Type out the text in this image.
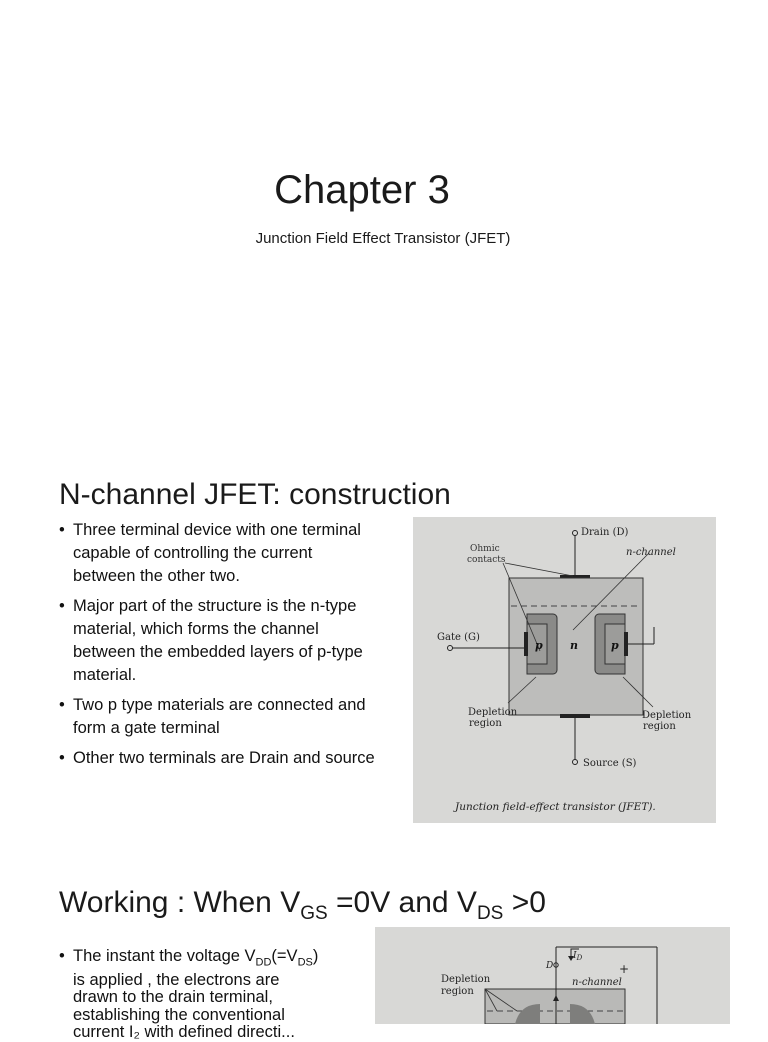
Chapter 3
Junction Field Effect Transistor (JFET)
N-channel JFET: construction
• Three terminal device with one terminal capable of controlling the current between the other two.
• Major part of the structure is the n-type material, which forms the channel between the embedded layers of p-type material.
• Two p type materials are connected and form a gate terminal
• Other two terminals are Drain and source
Drain (D)
Ohmic
contacts
n-channel
Gate (G)
p n	p
Depletion
region
Depletion
region
Source (S)
Junction field-effect transistor (JFET).
Working : When $V_{GS} =0V$ and $V_{DS} >0$
• The instant the voltage $V_{DD}(=V_{DS})$
is applied , the electrons are
drawn to the drain terminal,
establishing the conventional
current I₂ with defined directi...
$I_D$
D
Depletion
region
n-channel
+
